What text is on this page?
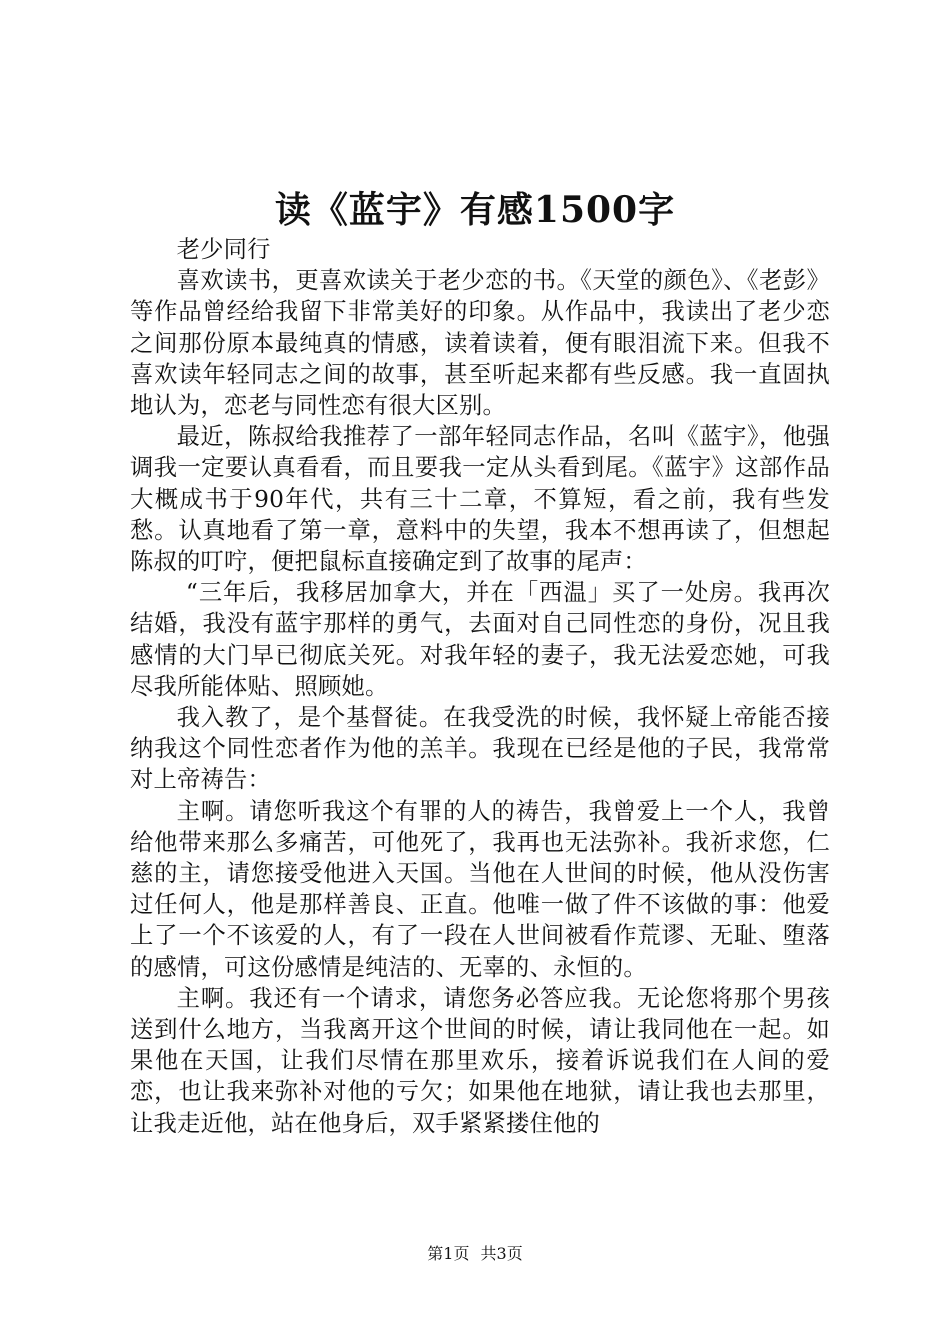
读《蓝宇》有感1500字

老少同行

喜欢读书，更喜欢读关于老少恋的书。《天堂的颜色》、《老彭》等作品曾经给我留下非常美好的印象。从作品中，我读出了老少恋之间那份原本最纯真的情感，读着读着，便有眼泪流下来。但我不喜欢读年轻同志之间的故事，甚至听起来都有些反感。我一直固执地认为，恋老与同性恋有很大区别。

最近，陈叔给我推荐了一部年轻同志作品，名叫《蓝宇》，他强调我一定要认真看看，而且要我一定从头看到尾。《蓝宇》这部作品大概成书于90年代，共有三十二章，不算短，看之前，我有些发愁。认真地看了第一章，意料中的失望，我本不想再读了，但想起陈叔的叮咛，便把鼠标直接确定到了故事的尾声：

“三年后，我移居加拿大，并在「西温」买了一处房。我再次结婚，我没有蓝宇那样的勇气，去面对自己同性恋的身份，况且我感情的大门早已彻底关死。对我年轻的妻子，我无法爱恋她，可我尽我所能体贴、照顾她。

我入教了，是个基督徒。在我受洗的时候，我怀疑上帝能否接纳我这个同性恋者作为他的羔羊。我现在已经是他的子民，我常常对上帝祷告：

主啊。请您听我这个有罪的人的祷告，我曾爱上一个人，我曾给他带来那么多痛苦，可他死了，我再也无法弥补。我祈求您，仁慈的主，请您接受他进入天国。当他在人世间的时候，他从没伤害过任何人，他是那样善良、正直。他唯一做了件不该做的事：他爱上了一个不该爱的人，有了一段在人世间被看作荒谬、无耻、堕落的感情，可这份感情是纯洁的、无辜的、永恒的。

主啊。我还有一个请求，请您务必答应我。无论您将那个男孩送到什么地方，当我离开这个世间的时候，请让我同他在一起。如果他在天国，让我们尽情在那里欢乐，接着诉说我们在人间的爱恋，也让我来弥补对他的亏欠；如果他在地狱，请让我也去那里，让我走近他，站在他身后，双手紧紧搂住他的

第1页 共3页
